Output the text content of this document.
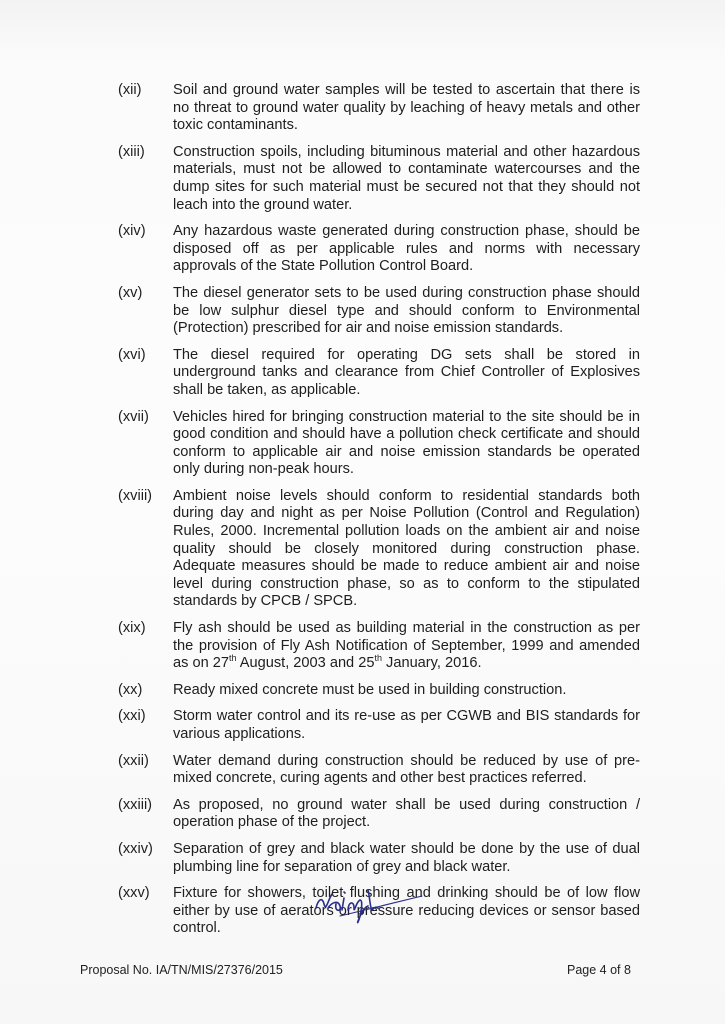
(xii)	Soil and ground water samples will be tested to ascertain that there is no threat to ground water quality by leaching of heavy metals and other toxic contaminants.
(xiii)	Construction spoils, including bituminous material and other hazardous materials, must not be allowed to contaminate watercourses and the dump sites for such material must be secured not that they should not leach into the ground water.
(xiv)	Any hazardous waste generated during construction phase, should be disposed off as per applicable rules and norms with necessary approvals of the State Pollution Control Board.
(xv)	The diesel generator sets to be used during construction phase should be low sulphur diesel type and should conform to Environmental (Protection) prescribed for air and noise emission standards.
(xvi)	The diesel required for operating DG sets shall be stored in underground tanks and clearance from Chief Controller of Explosives shall be taken, as applicable.
(xvii)	Vehicles hired for bringing construction material to the site should be in good condition and should have a pollution check certificate and should conform to applicable air and noise emission standards be operated only during non-peak hours.
(xviii)	Ambient noise levels should conform to residential standards both during day and night as per Noise Pollution (Control and Regulation) Rules, 2000. Incremental pollution loads on the ambient air and noise quality should be closely monitored during construction phase. Adequate measures should be made to reduce ambient air and noise level during construction phase, so as to conform to the stipulated standards by CPCB / SPCB.
(xix)	Fly ash should be used as building material in the construction as per the provision of Fly Ash Notification of September, 1999 and amended as on 27th August, 2003 and 25th January, 2016.
(xx)	Ready mixed concrete must be used in building construction.
(xxi)	Storm water control and its re-use as per CGWB and BIS standards for various applications.
(xxii)	Water demand during construction should be reduced by use of pre-mixed concrete, curing agents and other best practices referred.
(xxiii)	As proposed, no ground water shall be used during construction / operation phase of the project.
(xxiv)	Separation of grey and black water should be done by the use of dual plumbing line for separation of grey and black water.
(xxv)	Fixture for showers, toilet flushing and drinking should be of low flow either by use of aerators or pressure reducing devices or sensor based control.
Proposal No. IA/TN/MIS/27376/2015	Page 4 of 8
